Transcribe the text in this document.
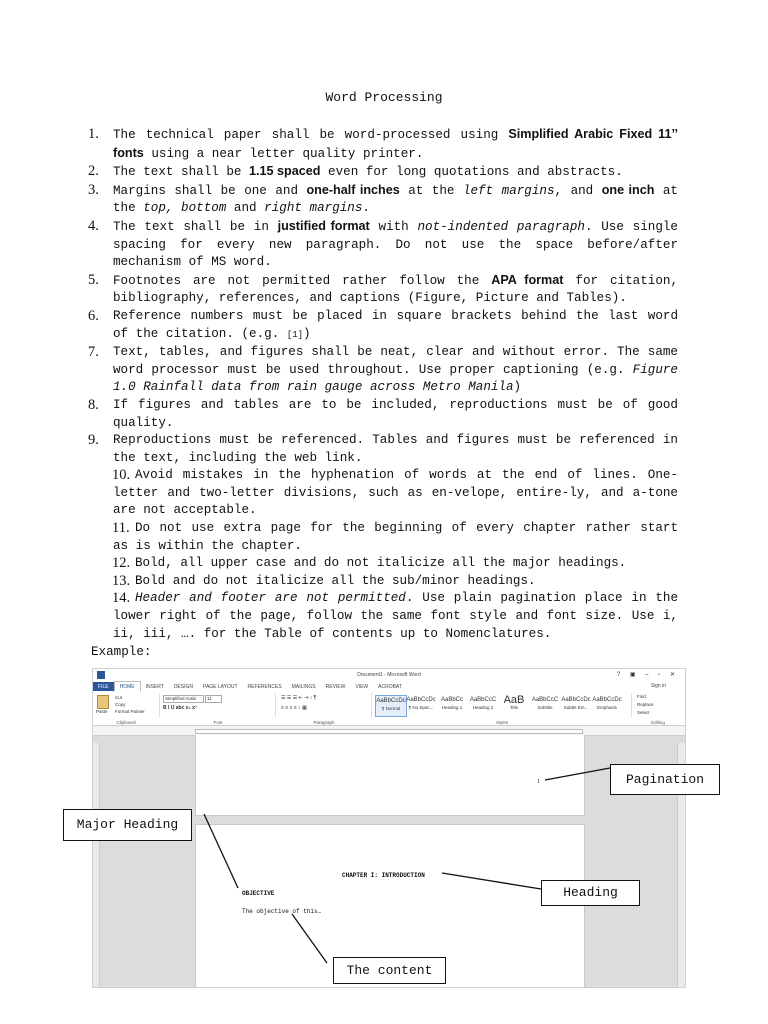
Word Processing
1. The technical paper shall be word-processed using Simplified Arabic Fixed 11’’ fonts using a near letter quality printer.
2. The text shall be 1.15 spaced even for long quotations and abstracts.
3. Margins shall be one and one-half inches at the left margins, and one inch at the top, bottom and right margins.
4. The text shall be in justified format with not-indented paragraph. Use single spacing for every new paragraph. Do not use the space before/after mechanism of MS word.
5. Footnotes are not permitted rather follow the APA format for citation, bibliography, references, and captions (Figure, Picture and Tables).
6. Reference numbers must be placed in square brackets behind the last word of the citation. (e.g. [1])
7. Text, tables, and figures shall be neat, clear and without error. The same word processor must be used throughout. Use proper captioning (e.g. Figure 1.0 Rainfall data from rain gauge across Metro Manila)
8. If figures and tables are to be included, reproductions must be of good quality.
9. Reproductions must be referenced. Tables and figures must be referenced in the text, including the web link.
10. Avoid mistakes in the hyphenation of words at the end of lines. One-letter and two-letter divisions, such as en-velope, entire-ly, and a-tone are not acceptable.
11. Do not use extra page for the beginning of every chapter rather start as is within the chapter.
12. Bold, all upper case and do not italicize all the major headings.
13. Bold and do not italicize all the sub/minor headings.
14. Header and footer are not permitted. Use plain pagination place in the lower right of the page, follow the same font style and font size. Use i, ii, iii, …. for the Table of contents up to Nomenclatures.
Example:
Document1 - Microsoft Word	? ▣ – ▫ ✕
FILE HOME INSERT DESIGN PAGE LAYOUT REFERENCES MAILINGS REVIEW VIEW ACROBAT	Sign in
Paste
Cut
Copy
Format Painter
Clipboard
Simplified Arabi	11
B I U abc x₂ x²
Font
☰ ☰ ☰ ⇤ ⇥ ↕ ¶
≡ ≡ ≡ ≡ ↕ ▦
Paragraph	Styles
AaBbCcDc
¶ Normal
AaBbCcDc
¶ No Spac...
AaBbCc
Heading 1
AaBbCcC
Heading 2
AaB
Title
AaBbCcC
Subtitle
AaBbCcDc
Subtle Em...
AaBbCcDc
Emphasis
Find
Replace
Select
Editing
1
CHAPTER I: INTRODUCTION
OBJECTIVE
The objective of this…
Pagination
Major Heading
Heading
The content
